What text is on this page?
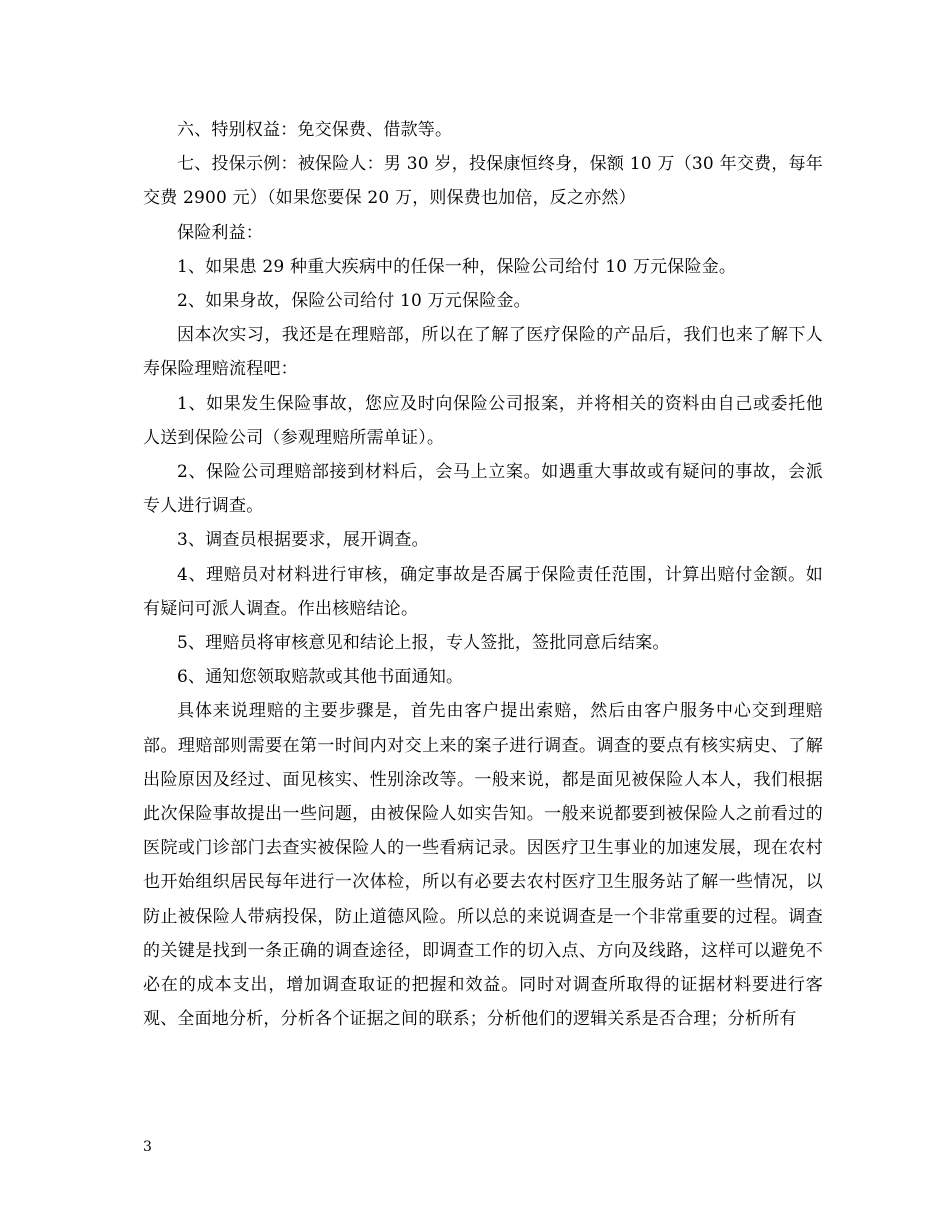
六、特别权益：免交保费、借款等。

七、投保示例：被保险人：男 30 岁，投保康恒终身，保额 10 万（30 年交费，每年交费 2900 元）（如果您要保 20 万，则保费也加倍，反之亦然）

保险利益：

1、如果患 29 种重大疾病中的任保一种，保险公司给付 10 万元保险金。

2、如果身故，保险公司给付 10 万元保险金。

因本次实习，我还是在理赔部，所以在了解了医疗保险的产品后，我们也来了解下人寿保险理赔流程吧：

1、如果发生保险事故，您应及时向保险公司报案，并将相关的资料由自己或委托他人送到保险公司（参观理赔所需单证）。

2、保险公司理赔部接到材料后，会马上立案。如遇重大事故或有疑问的事故，会派专人进行调查。

3、调查员根据要求，展开调查。

4、理赔员对材料进行审核，确定事故是否属于保险责任范围，计算出赔付金额。如有疑问可派人调查。作出核赔结论。

5、理赔员将审核意见和结论上报，专人签批，签批同意后结案。

6、通知您领取赔款或其他书面通知。

具体来说理赔的主要步骤是，首先由客户提出索赔，然后由客户服务中心交到理赔部。理赔部则需要在第一时间内对交上来的案子进行调查。调查的要点有核实病史、了解出险原因及经过、面见核实、性别涂改等。一般来说，都是面见被保险人本人，我们根据此次保险事故提出一些问题，由被保险人如实告知。一般来说都要到被保险人之前看过的医院或门诊部门去查实被保险人的一些看病记录。因医疗卫生事业的加速发展，现在农村也开始组织居民每年进行一次体检，所以有必要去农村医疗卫生服务站了解一些情况，以防止被保险人带病投保，防止道德风险。所以总的来说调查是一个非常重要的过程。调查的关键是找到一条正确的调查途径，即调查工作的切入点、方向及线路，这样可以避免不必在的成本支出，增加调查取证的把握和效益。同时对调查所取得的证据材料要进行客观、全面地分析，分析各个证据之间的联系；分析他们的逻辑关系是否合理；分析所有

3
